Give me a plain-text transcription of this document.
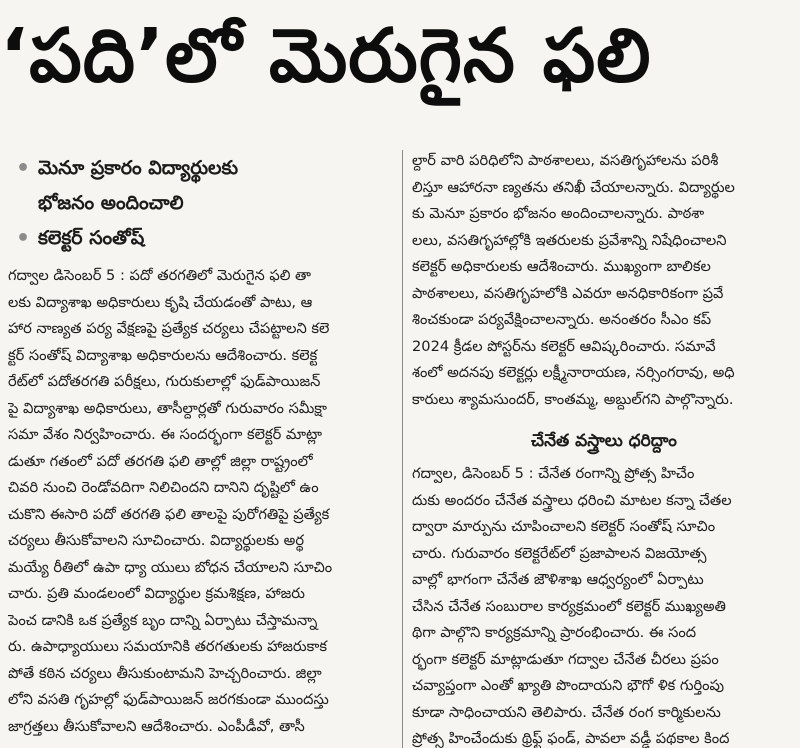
‘పది’లో మెరుగైన ఫలి
• మెనూ ప్రకారం విద్యార్థులకు
భోజనం అందించాలి
• కలెక్టర్ సంతోష్

గద్వాల డిసెంబర్ 5 : పదో తరగతిలో మెరుగైన ఫలి తా
లకు విద్యాశాఖ అధికారులు కృషి చేయడంతో పాటు, ఆ
హార నాణ్యత పర్య వేక్షణపై ప్రత్యేక చర్యలు చేపట్టాలని కలె
క్టర్ సంతోష్ విద్యాశాఖ అధికారులను ఆదేశించారు. కలెక్ట
రేట్‌లో పదోతరగతి పరీక్షలు, గురుకులాల్లో ఫుడ్‌పాయిజన్
పై విద్యాశాఖ అధికారులు, తాసీల్దార్లతో గురువారం సమీక్షా
సమా వేశం నిర్వహించారు. ఈ సందర్భంగా కలెక్టర్ మాట్లా
డుతూ గతంలో పదో తరగతి ఫలి తాల్లో జిల్లా రాష్ట్రంలో
చివరి నుంచి రెండోవదిగా నిలిచిందని దానిని దృష్టిలో ఉం
చుకొని ఈసారి పదో తరగతి ఫలి తాలపై పురోగతిపై ప్రత్యేక
చర్యలు తీసుకోవాలని సూచించారు. విద్యార్థులకు అర్థ
మయ్యే రీతిలో ఉపా ధ్యా యులు బోధన చేయాలని సూచిం
చారు. ప్రతి మండలంలో విద్యార్థుల క్రమశిక్షణ, హాజరు
పెంచ డానికి ఒక ప్రత్యేక బృం దాన్ని ఏర్పాటు చేస్తామన్నా
రు. ఉపాధ్యాయులు సమయానికి తరగతులకు హాజరుకాక
పోతే కఠిన చర్యలు తీసుకుంటామని హెచ్చరించారు. జిల్లా
లోని వసతి గృహల్లో ఫుడ్‌పాయిజన్ జరగకుండా ముందస్తు
జాగ్రత్తలు తీసుకోవాలని ఆదేశించారు. ఎంపీడీవో, తాసీ

ల్దార్ వారి పరిధిలోని పాఠశాలలు, వసతిగృహాలను పరిశీ
లిస్తూ ఆహారనా ణ్యతను తనిఖీ చేయాలన్నారు. విద్యార్థుల
కు మెనూ ప్రకారం భోజనం అందించాలన్నారు. పాఠశా
లలు, వసతిగృహాల్లోకి ఇతరులకు ప్రవేశాన్ని నిషేధించాలని
కలెక్టర్ అధికారులకు ఆదేశించారు. ముఖ్యంగా బాలికల
పాఠశాలలు, వసతిగృహలోకి ఎవరూ అనధికారికంగా ప్రవే
శించకుండా పర్యవేక్షించాలన్నారు. అనంతరం సీఎం కప్
2024 క్రీడల పోస్టర్‌ను కలెక్టర్ ఆవిష్కరించారు. సమావే
శంలో అదనపు కలెక్టర్లు లక్ష్మీనారాయణ, నర్సింగరావు, అధి
కారులు శ్యామసుందర్, కాంతమ్మ, అబ్దుల్‌గని పాల్గొన్నారు.

చేనేత వస్త్రాలు ధరిద్దాం

గద్వాల, డిసెంబర్ 5 : చేనేత రంగాన్ని ప్రోత్స హిచేం
దుకు అందరం చేనేత వస్త్రాలు ధరించి మాటల కన్నా చేతల
ద్వారా మార్పును చూపించాలని కలెక్టర్ సంతోష్ సూచిం
చారు. గురువారం కలెక్టరేట్‌లో ప్రజాపాలన విజయోత్స
వాల్లో భాగంగా చేనేత జౌళిశాఖ ఆధ్వర్యంలో ఏర్పాటు
చేసిన చేనేత సంబురాల కార్యక్రమంలో కలెక్టర్ ముఖ్యఅతి
థిగా పాల్గొని కార్యక్రమాన్ని ప్రారంభించారు. ఈ సంద
ర్భంగా కలెక్టర్ మాట్లాడుతూ గద్వాల చేనేత చీరలు ప్రపం
చవ్యాప్తంగా ఎంతో ఖ్యాతి పొందాయని భౌగో ళిక గుర్తింపు
కూడా సాధించాయని తెలిపారు. చేనేత రంగ కార్మికులను
ప్రోత్స హించేందుకు థ్రిఫ్ట్ ఫండ్, పావలా వడ్డీ పథకాల కింద
